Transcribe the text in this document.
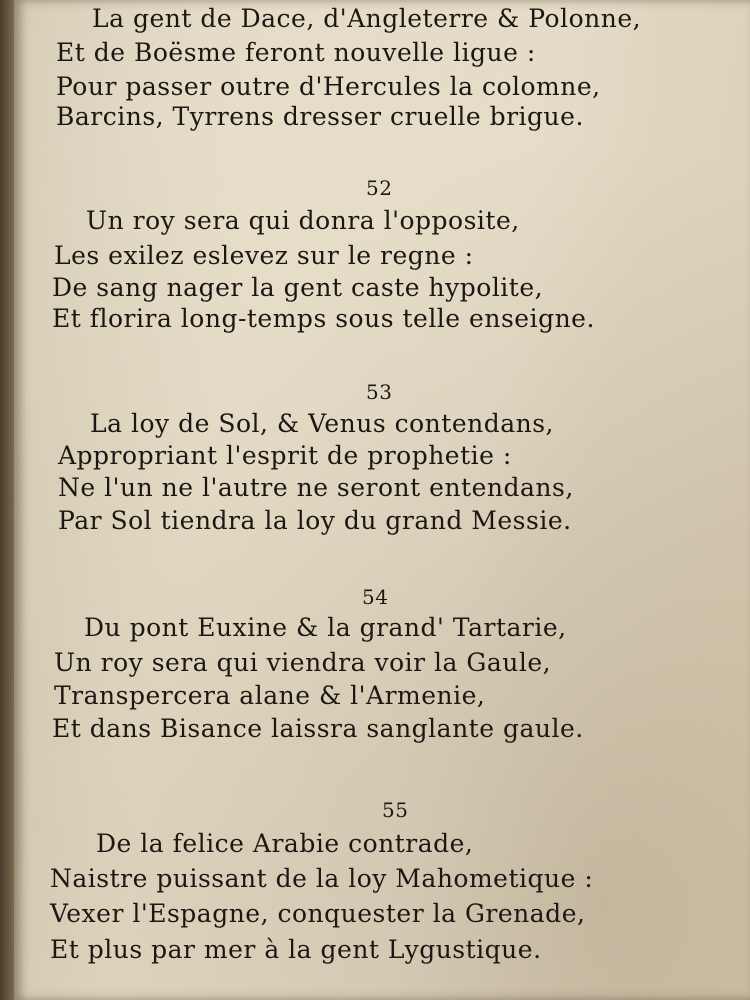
La gent de Dace, d'Angleterre & Polonne,
Et de Boësme feront nouvelle ligue :
Pour passer outre d'Hercules la colomne,
Barcins, Tyrrens dresser cruelle brigue.
52
Un roy sera qui donra l'opposite,
Les exilez eslevez sur le regne :
De sang nager la gent caste hypolite,
Et florira long-temps sous telle enseigne.
53
La loy de Sol, & Venus contendans,
Appropriant l'esprit de prophetie :
Ne l'un ne l'autre ne seront entendans,
Par Sol tiendra la loy du grand Messie.
54
Du pont Euxine & la grand' Tartarie,
Un roy sera qui viendra voir la Gaule,
Transpercera alane & l'Armenie,
Et dans Bisance laissra sanglante gaule.
55
De la felice Arabie contrade,
Naistre puissant de la loy Mahometique :
Vexer l'Espagne, conquester la Grenade,
Et plus par mer à la gent Lygustique.
